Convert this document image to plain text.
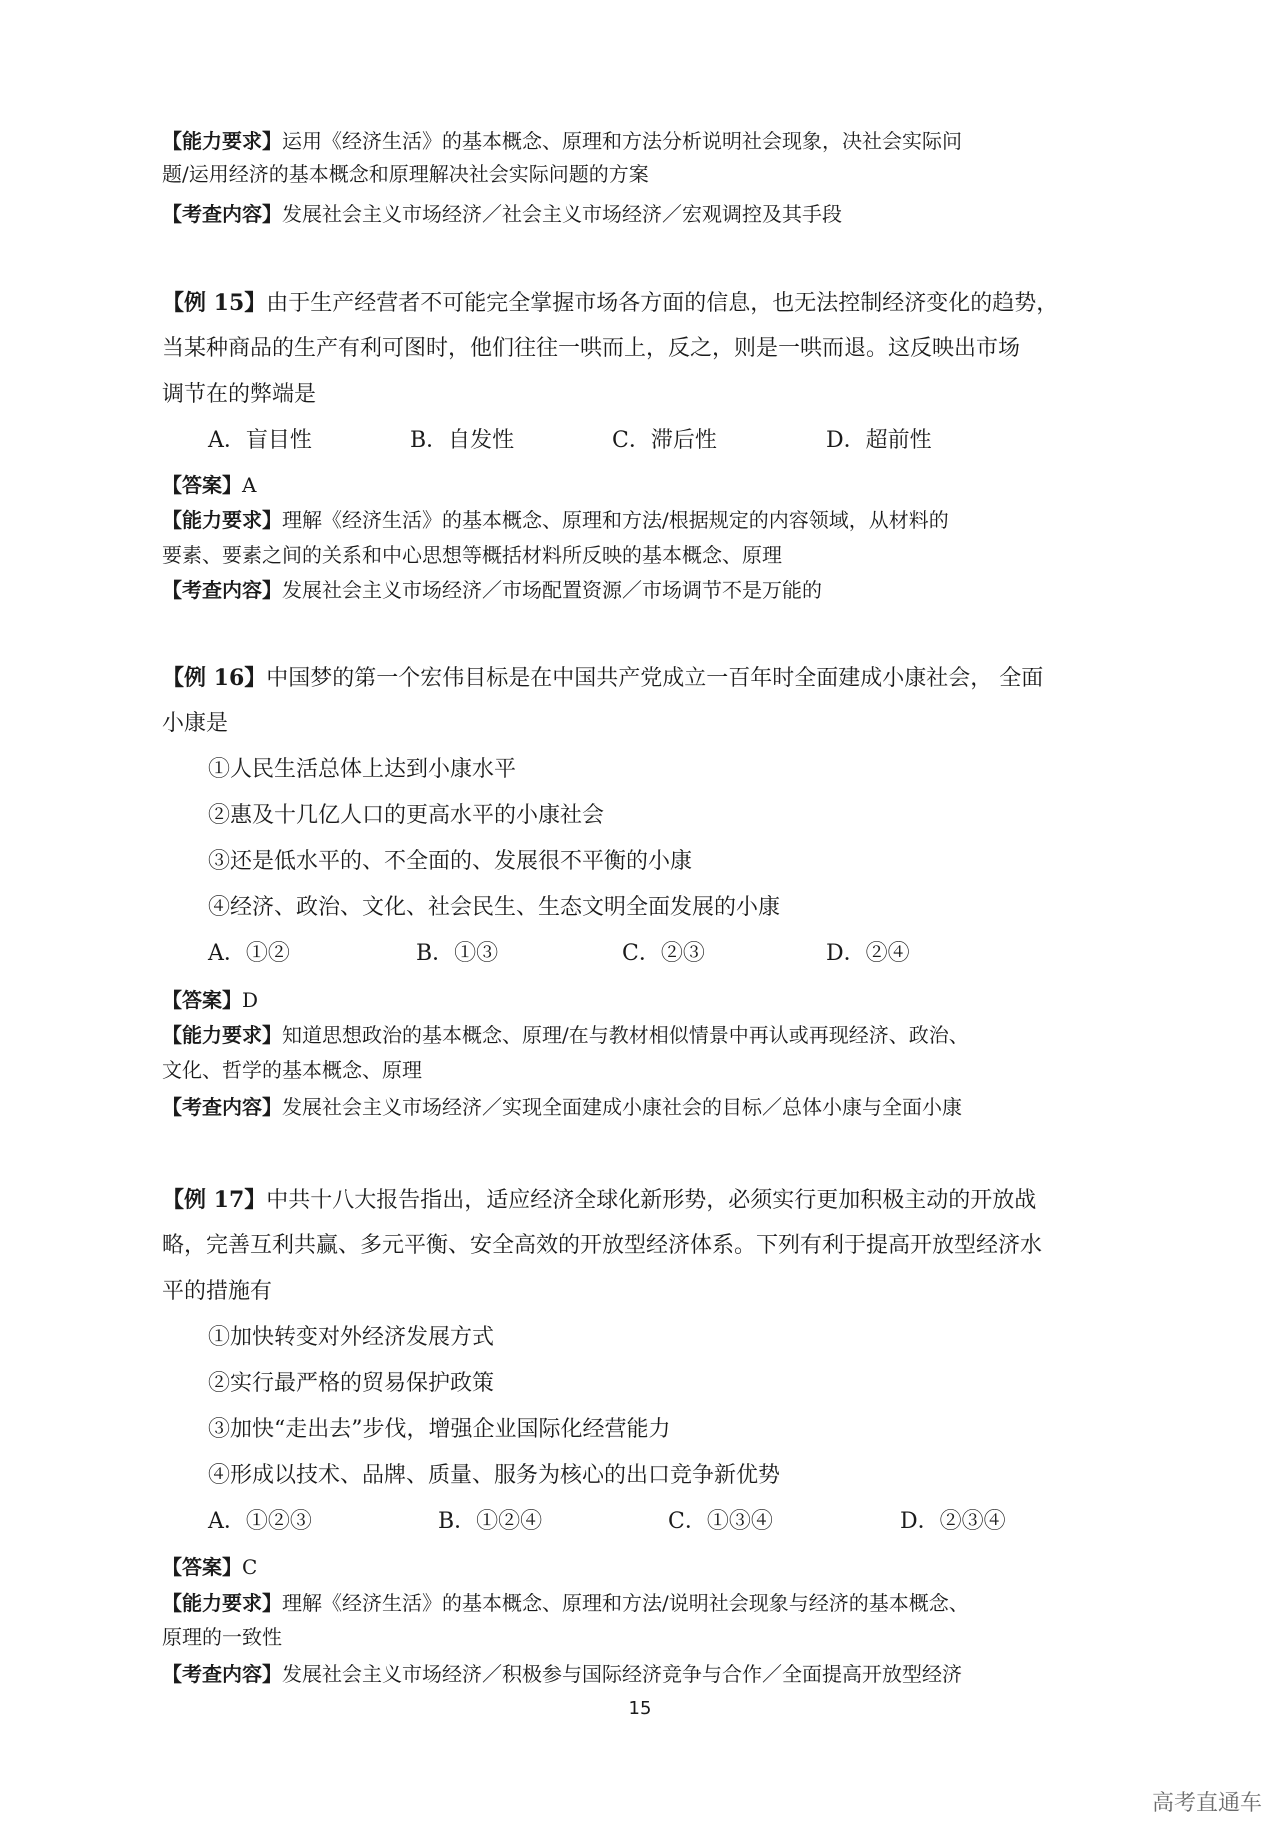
【能力要求】运用《经济生活》的基本概念、原理和方法分析说明社会现象，决社会实际问
题/运用经济的基本概念和原理解决社会实际问题的方案
【考查内容】发展社会主义市场经济／社会主义市场经济／宏观调控及其手段
【例 15】由于生产经营者不可能完全掌握市场各方面的信息，也无法控制经济变化的趋势，
当某种商品的生产有利可图时，他们往往一哄而上，反之，则是一哄而退。这反映出市场
调节在的弊端是
A．盲目性	B．自发性	C．滞后性	D．超前性
【答案】A
【能力要求】理解《经济生活》的基本概念、原理和方法/根据规定的内容领域，从材料的
要素、要素之间的关系和中心思想等概括材料所反映的基本概念、原理
【考查内容】发展社会主义市场经济／市场配置资源／市场调节不是万能的
【例 16】中国梦的第一个宏伟目标是在中国共产党成立一百年时全面建成小康社会， 全面
小康是
①人民生活总体上达到小康水平
②惠及十几亿人口的更高水平的小康社会
③还是低水平的、不全面的、发展很不平衡的小康
④经济、政治、文化、社会民生、生态文明全面发展的小康
A．①②	B．①③	C．②③	D．②④
【答案】D
【能力要求】知道思想政治的基本概念、原理/在与教材相似情景中再认或再现经济、政治、
文化、哲学的基本概念、原理
【考查内容】发展社会主义市场经济／实现全面建成小康社会的目标／总体小康与全面小康
【例 17】中共十八大报告指出，适应经济全球化新形势，必须实行更加积极主动的开放战
略，完善互利共赢、多元平衡、安全高效的开放型经济体系。下列有利于提高开放型经济水
平的措施有
①加快转变对外经济发展方式
②实行最严格的贸易保护政策
③加快“走出去”步伐，增强企业国际化经营能力
④形成以技术、品牌、质量、服务为核心的出口竞争新优势
A．①②③	B．①②④	C．①③④	D．②③④
【答案】C
【能力要求】理解《经济生活》的基本概念、原理和方法/说明社会现象与经济的基本概念、
原理的一致性
【考查内容】发展社会主义市场经济／积极参与国际经济竞争与合作／全面提高开放型经济
15
高考直通车
